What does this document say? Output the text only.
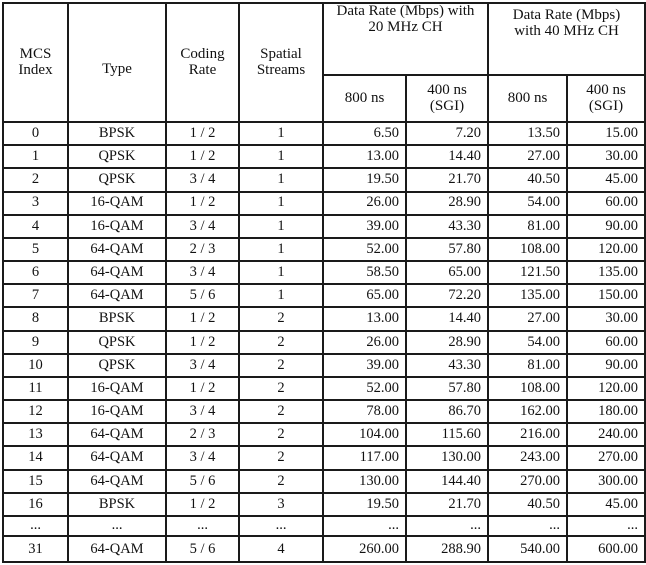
MCS Index	Type	Coding Rate	Spatial Streams	Data Rate (Mbps) with 20 MHz CH		Data Rate (Mbps) with 40 MHz CH	
				800 ns	400 ns (SGI)	800 ns	400 ns (SGI)
0	BPSK	1 / 2	1	6.50	7.20	13.50	15.00
1	QPSK	1 / 2	1	13.00	14.40	27.00	30.00
2	QPSK	3 / 4	1	19.50	21.70	40.50	45.00
3	16-QAM	1 / 2	1	26.00	28.90	54.00	60.00
4	16-QAM	3 / 4	1	39.00	43.30	81.00	90.00
5	64-QAM	2 / 3	1	52.00	57.80	108.00	120.00
6	64-QAM	3 / 4	1	58.50	65.00	121.50	135.00
7	64-QAM	5 / 6	1	65.00	72.20	135.00	150.00
8	BPSK	1 / 2	2	13.00	14.40	27.00	30.00
9	QPSK	1 / 2	2	26.00	28.90	54.00	60.00
10	QPSK	3 / 4	2	39.00	43.30	81.00	90.00
11	16-QAM	1 / 2	2	52.00	57.80	108.00	120.00
12	16-QAM	3 / 4	2	78.00	86.70	162.00	180.00
13	64-QAM	2 / 3	2	104.00	115.60	216.00	240.00
14	64-QAM	3 / 4	2	117.00	130.00	243.00	270.00
15	64-QAM	5 / 6	2	130.00	144.40	270.00	300.00
16	BPSK	1 / 2	3	19.50	21.70	40.50	45.00
...	...	...	...	...	...	...	...
31	64-QAM	5 / 6	4	260.00	288.90	540.00	600.00
